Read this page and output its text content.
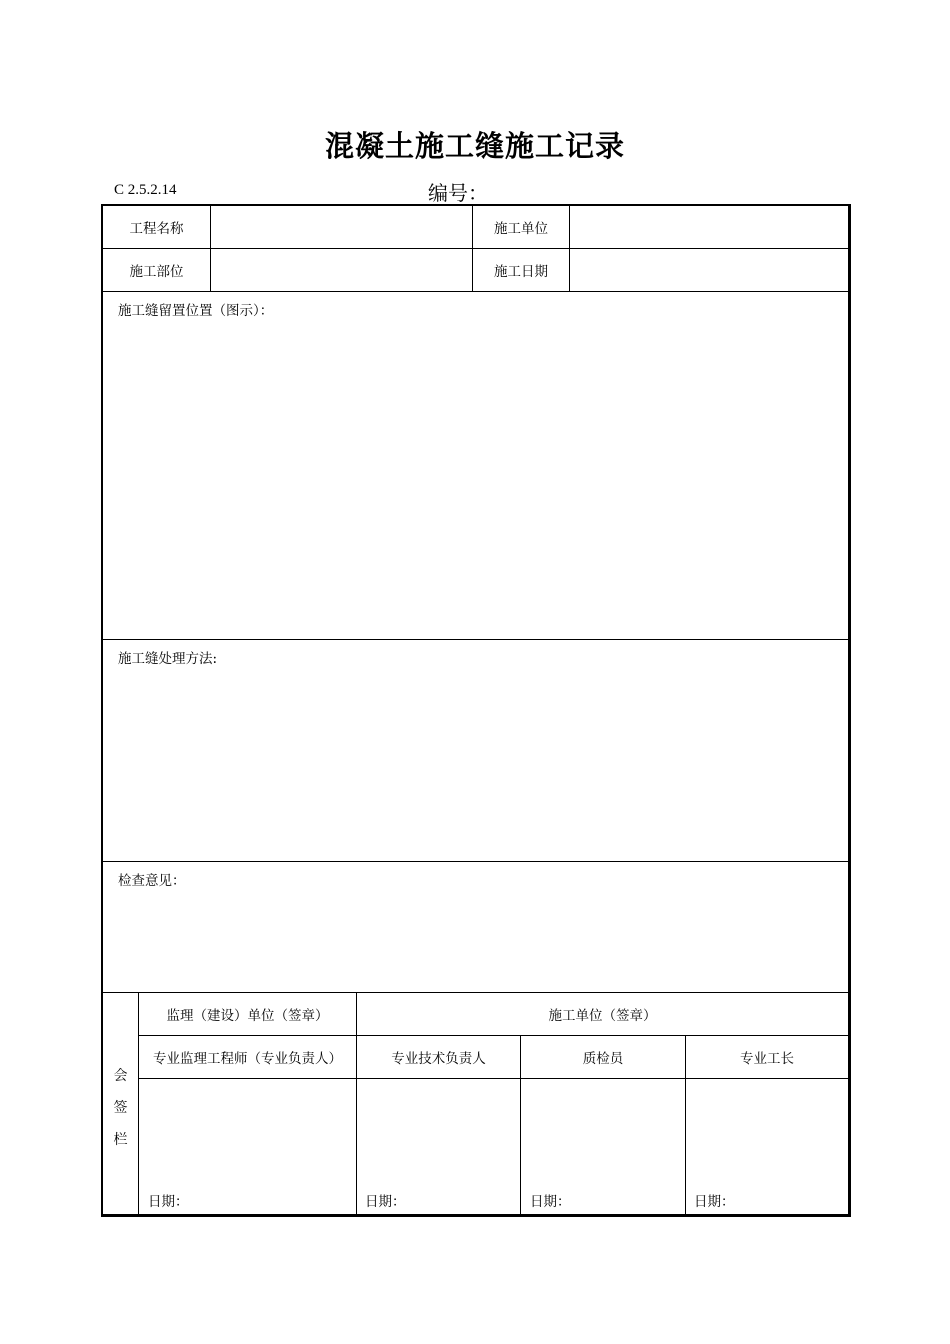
混凝土施工缝施工记录
C 2.5.2.14	编号：
工程名称	施工单位
施工部位	施工日期
施工缝留置位置（图示）：
施工缝处理方法:
检查意见：
会
签
栏
监理（建设）单位（签章）	施工单位（签章）
专业监理工程师（专业负责人）	专业技术负责人	质检员	专业工长
日期：	日期：	日期：	日期：
